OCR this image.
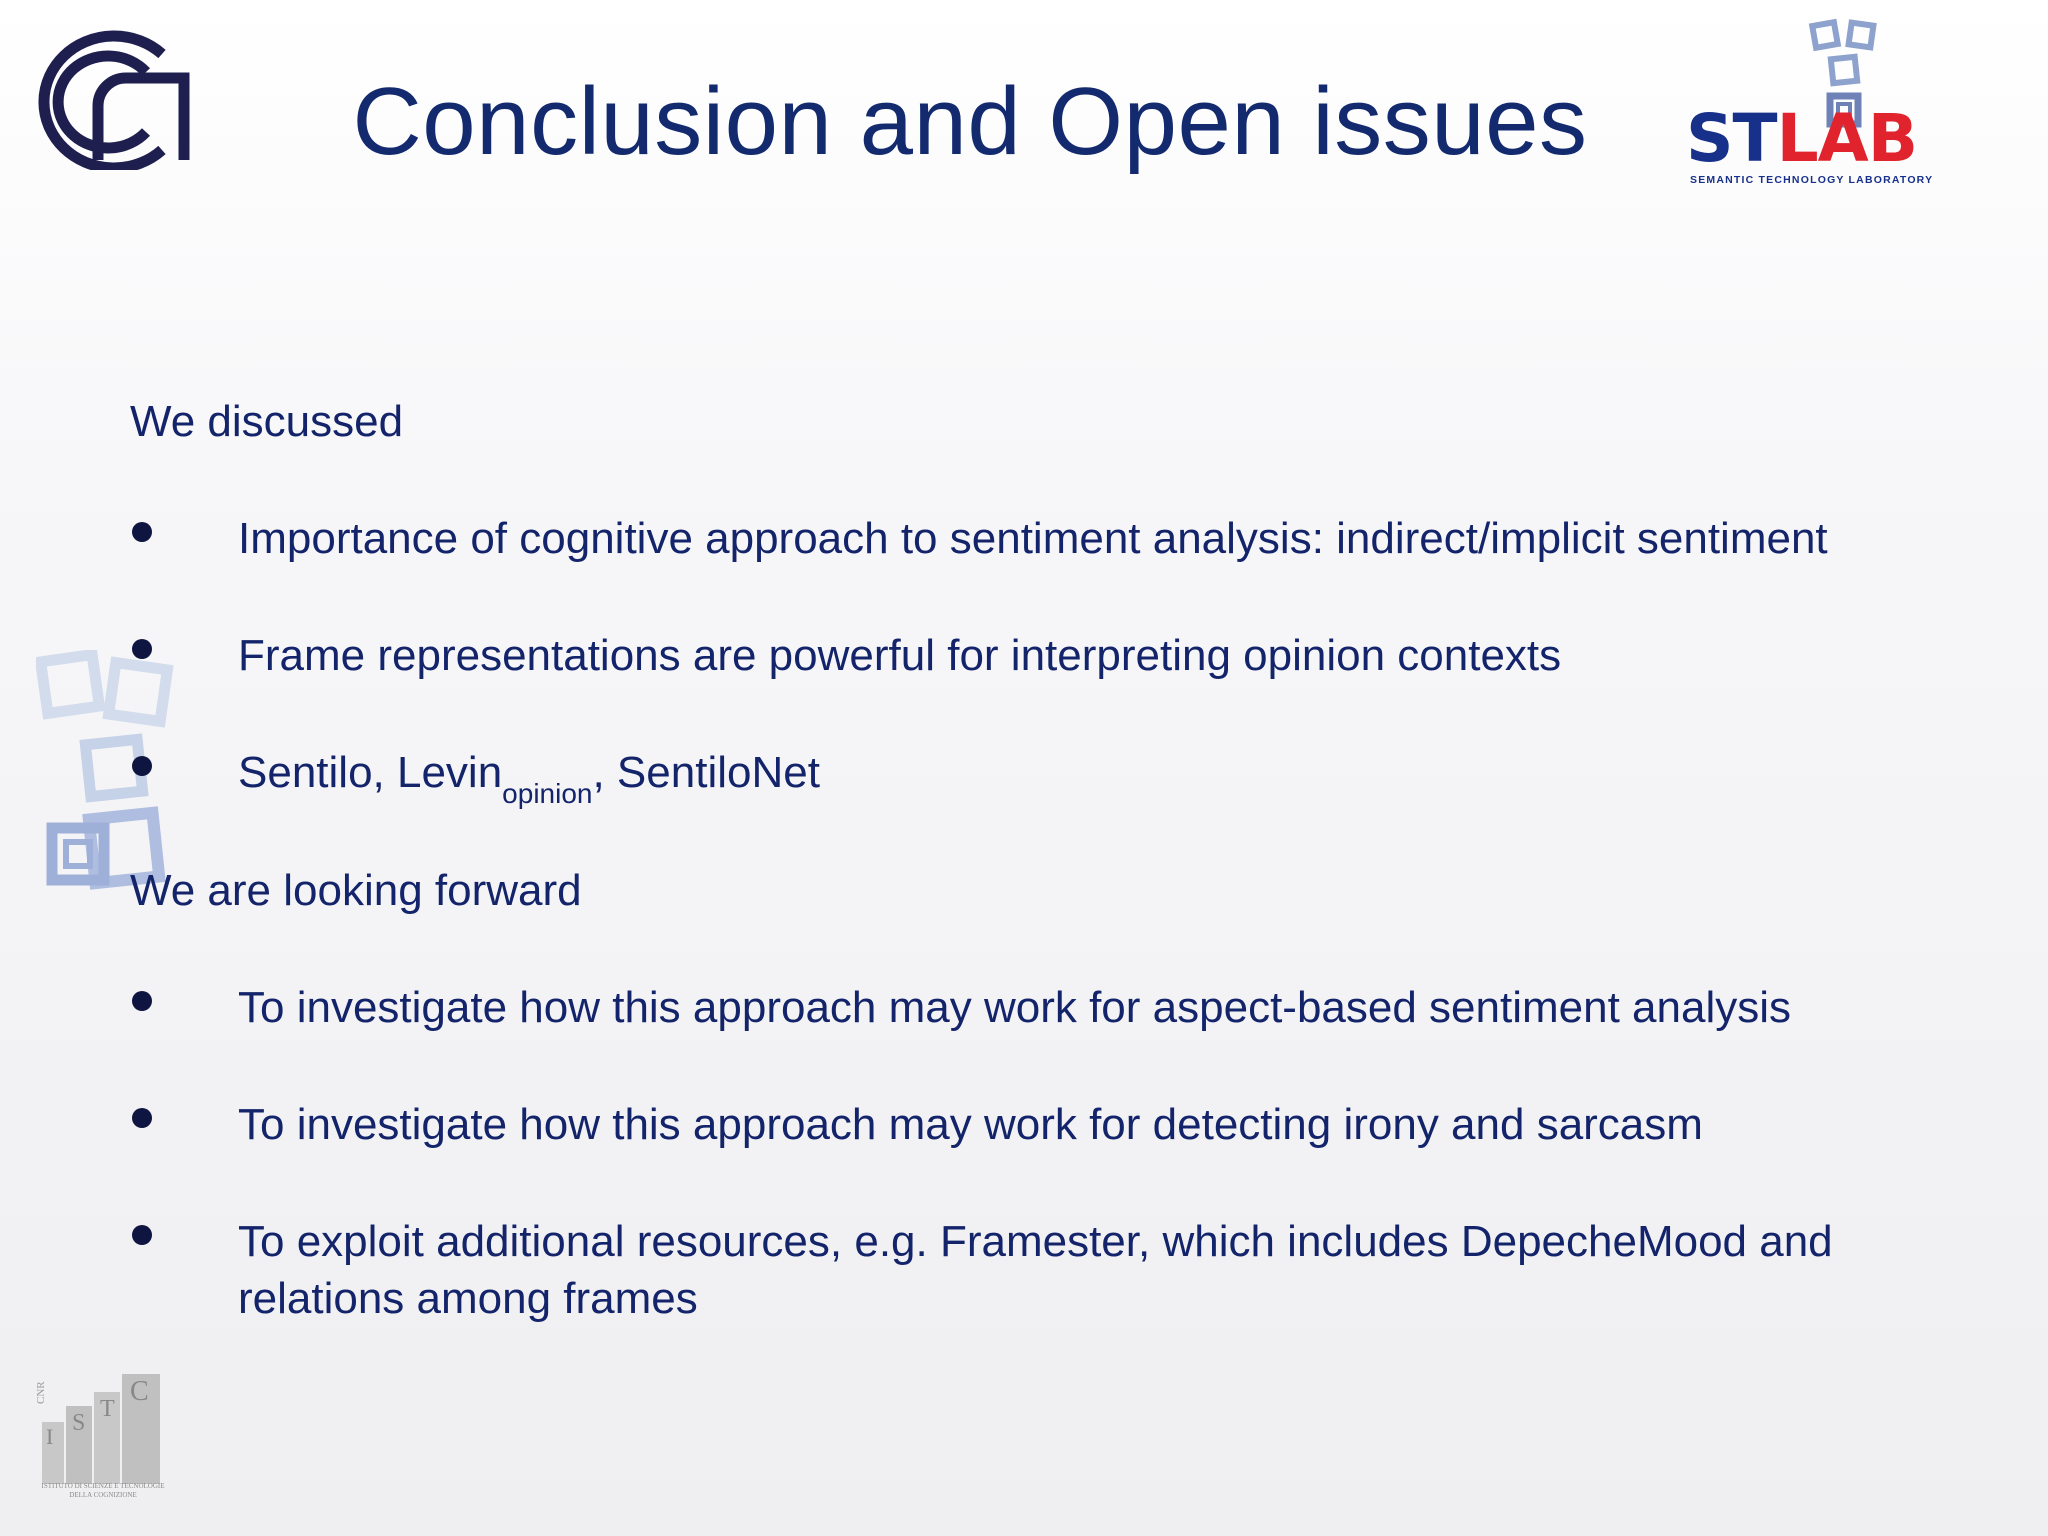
Conclusion and Open issues	STLAB
SEMANTIC TECHNOLOGY LABORATORY
We discussed
Importance of cognitive approach to sentiment analysis: indirect/implicit sentiment
Frame representations are powerful for interpreting opinion contexts
Sentilo, Levin$_{opinion}$, SentiloNet
We are looking forward
To investigate how this approach may work for aspect-based sentiment analysis
To investigate how this approach may work for detecting irony and sarcasm
To exploit additional resources, e.g. Framester, which includes DepecheMood and relations among frames
CNR
I
S
T
C
ISTITUTO DI SCIENZE E TECNOLOGIE DELLA COGNIZIONE
